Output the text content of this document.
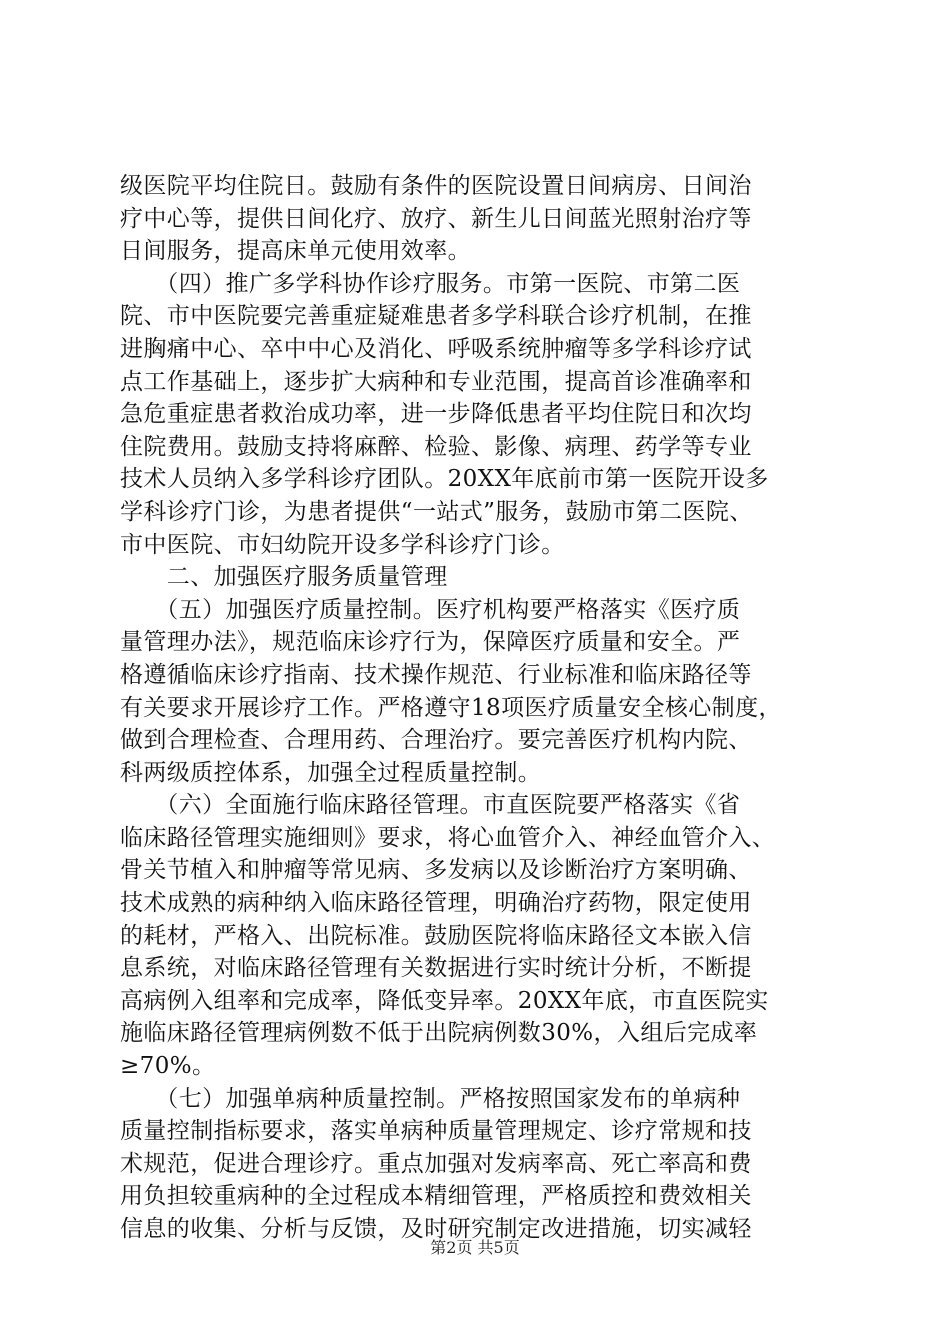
级医院平均住院日。鼓励有条件的医院设置日间病房、日间治
疗中心等，提供日间化疗、放疗、新生儿日间蓝光照射治疗等
日间服务，提高床单元使用效率。
　　（四）推广多学科协作诊疗服务。市第一医院、市第二医
院、市中医院要完善重症疑难患者多学科联合诊疗机制，在推
进胸痛中心、卒中中心及消化、呼吸系统肿瘤等多学科诊疗试
点工作基础上，逐步扩大病种和专业范围，提高首诊准确率和
急危重症患者救治成功率，进一步降低患者平均住院日和次均
住院费用。鼓励支持将麻醉、检验、影像、病理、药学等专业
技术人员纳入多学科诊疗团队。20XX年底前市第一医院开设多
学科诊疗门诊，为患者提供“一站式”服务，鼓励市第二医院、
市中医院、市妇幼院开设多学科诊疗门诊。
　　二、加强医疗服务质量管理
　　（五）加强医疗质量控制。医疗机构要严格落实《医疗质
量管理办法》，规范临床诊疗行为，保障医疗质量和安全。严
格遵循临床诊疗指南、技术操作规范、行业标准和临床路径等
有关要求开展诊疗工作。严格遵守18项医疗质量安全核心制度，
做到合理检查、合理用药、合理治疗。要完善医疗机构内院、
科两级质控体系，加强全过程质量控制。
　　（六）全面施行临床路径管理。市直医院要严格落实《省
临床路径管理实施细则》要求，将心血管介入、神经血管介入、
骨关节植入和肿瘤等常见病、多发病以及诊断治疗方案明确、
技术成熟的病种纳入临床路径管理，明确治疗药物，限定使用
的耗材，严格入、出院标准。鼓励医院将临床路径文本嵌入信
息系统，对临床路径管理有关数据进行实时统计分析，不断提
高病例入组率和完成率，降低变异率。20XX年底，市直医院实
施临床路径管理病例数不低于出院病例数30%，入组后完成率
≥70%。
　　（七）加强单病种质量控制。严格按照国家发布的单病种
质量控制指标要求，落实单病种质量管理规定、诊疗常规和技
术规范，促进合理诊疗。重点加强对发病率高、死亡率高和费
用负担较重病种的全过程成本精细管理，严格质控和费效相关
信息的收集、分析与反馈，及时研究制定改进措施，切实减轻
第2页 共5页
